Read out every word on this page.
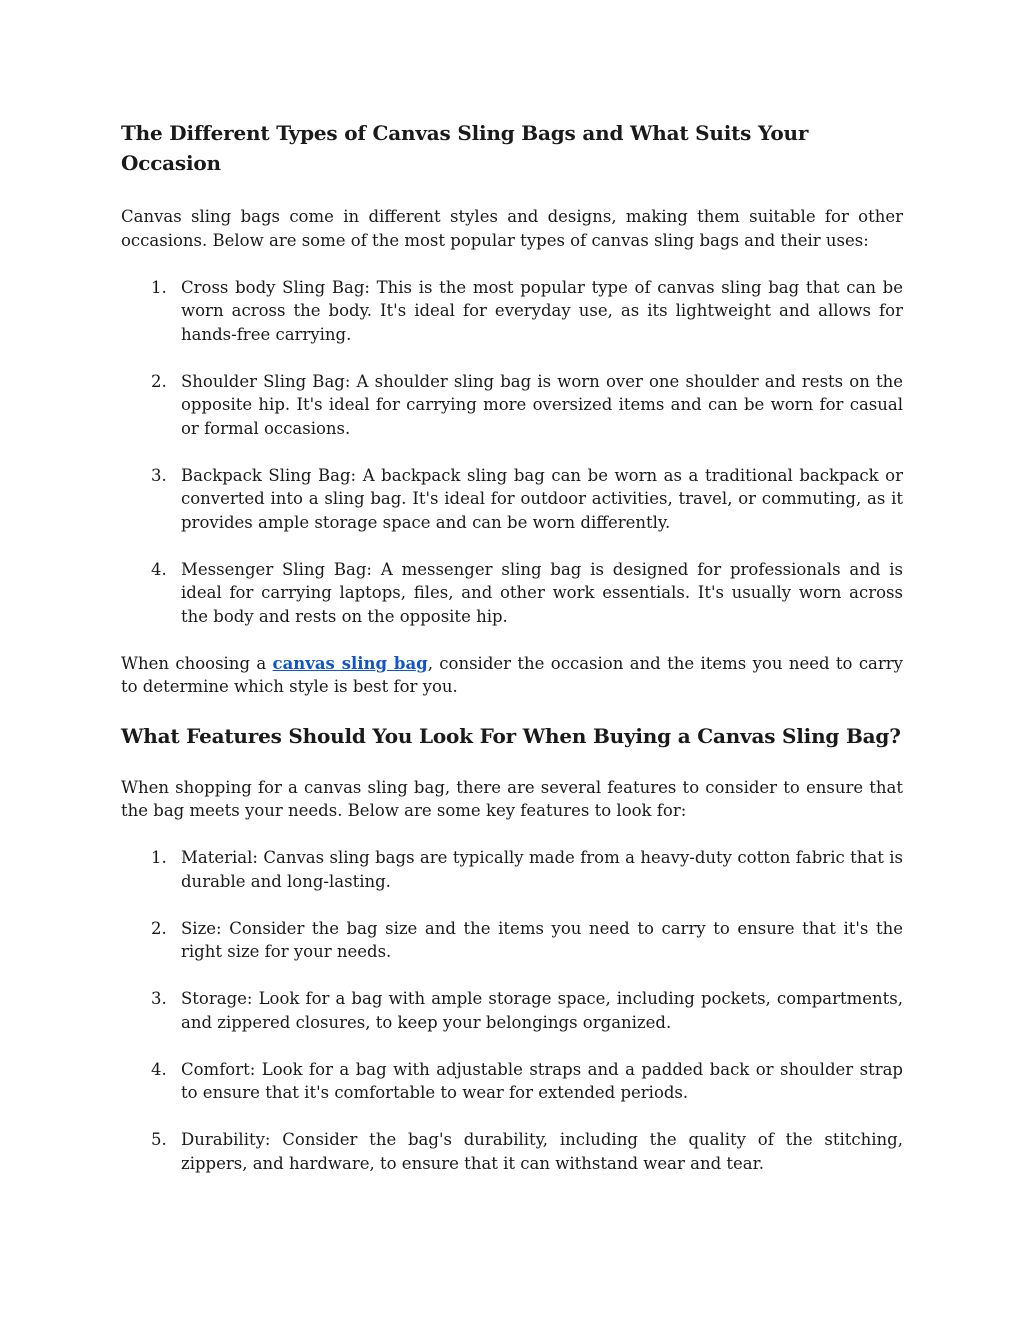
The Different Types of Canvas Sling Bags and What Suits Your Occasion

Canvas sling bags come in different styles and designs, making them suitable for other occasions. Below are some of the most popular types of canvas sling bags and their uses:

1. Cross body Sling Bag: This is the most popular type of canvas sling bag that can be worn across the body. It's ideal for everyday use, as its lightweight and allows for hands-free carrying.
2. Shoulder Sling Bag: A shoulder sling bag is worn over one shoulder and rests on the opposite hip. It's ideal for carrying more oversized items and can be worn for casual or formal occasions.
3. Backpack Sling Bag: A backpack sling bag can be worn as a traditional backpack or converted into a sling bag. It's ideal for outdoor activities, travel, or commuting, as it provides ample storage space and can be worn differently.
4. Messenger Sling Bag: A messenger sling bag is designed for professionals and is ideal for carrying laptops, files, and other work essentials. It's usually worn across the body and rests on the opposite hip.

When choosing a canvas sling bag, consider the occasion and the items you need to carry to determine which style is best for you.

What Features Should You Look For When Buying a Canvas Sling Bag?

When shopping for a canvas sling bag, there are several features to consider to ensure that the bag meets your needs. Below are some key features to look for:

1. Material: Canvas sling bags are typically made from a heavy-duty cotton fabric that is durable and long-lasting.
2. Size: Consider the bag size and the items you need to carry to ensure that it's the right size for your needs.
3. Storage: Look for a bag with ample storage space, including pockets, compartments, and zippered closures, to keep your belongings organized.
4. Comfort: Look for a bag with adjustable straps and a padded back or shoulder strap to ensure that it's comfortable to wear for extended periods.
5. Durability: Consider the bag's durability, including the quality of the stitching, zippers, and hardware, to ensure that it can withstand wear and tear.
